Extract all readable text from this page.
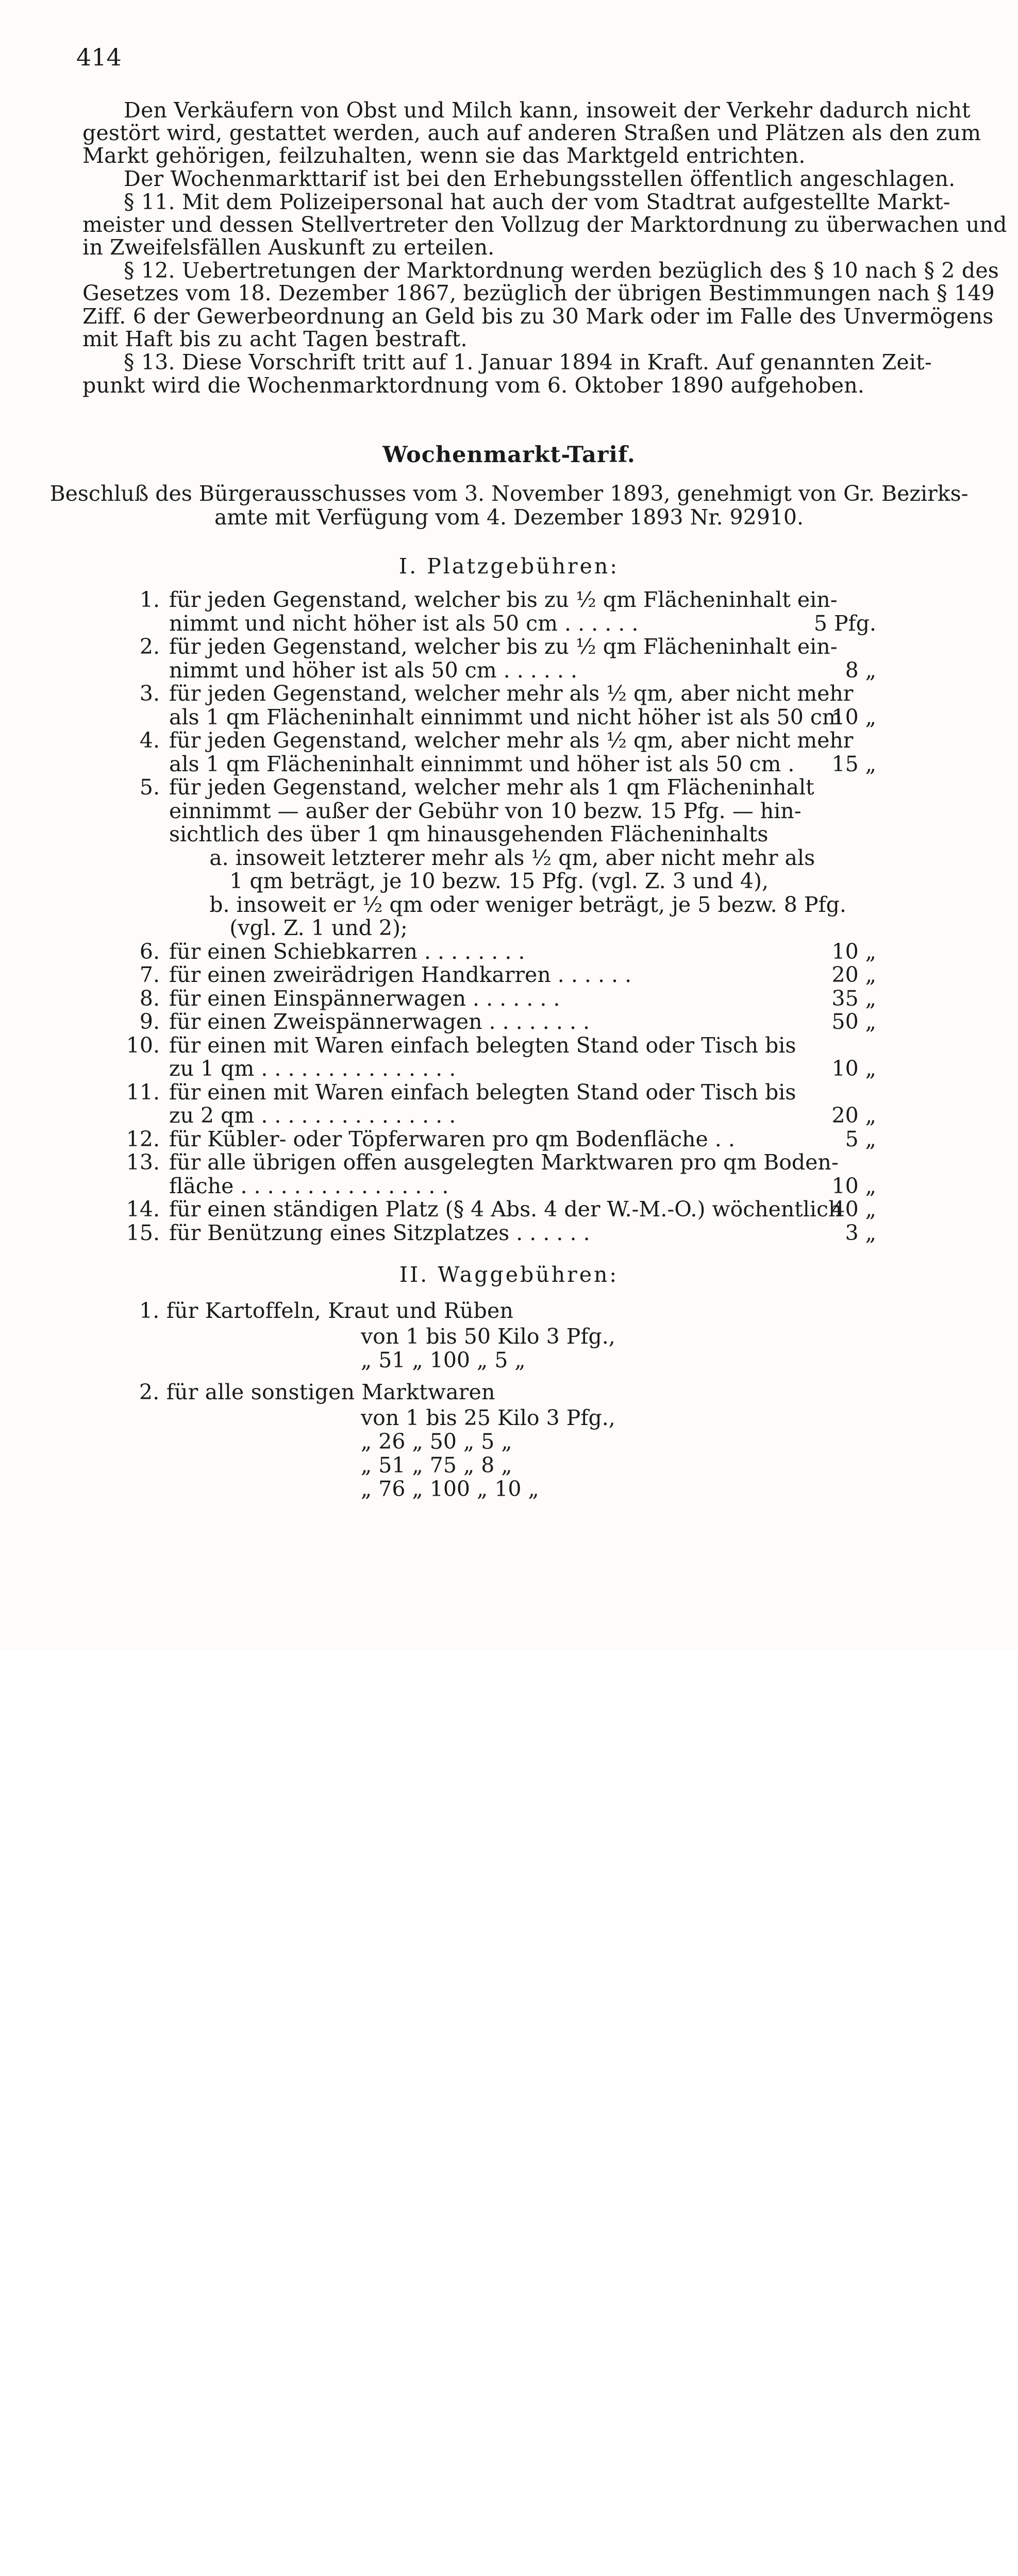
414
Den Verkäufern von Obst und Milch kann, insoweit der Verkehr dadurch nicht
gestört wird, gestattet werden, auch auf anderen Straßen und Plätzen als den zum
Markt gehörigen, feilzuhalten, wenn sie das Marktgeld entrichten.
Der Wochenmarkttarif ist bei den Erhebungsstellen öffentlich angeschlagen.
§ 11. Mit dem Polizeipersonal hat auch der vom Stadtrat aufgestellte Markt-
meister und dessen Stellvertreter den Vollzug der Marktordnung zu überwachen und
in Zweifelsfällen Auskunft zu erteilen.
§ 12. Uebertretungen der Marktordnung werden bezüglich des § 10 nach § 2 des
Gesetzes vom 18. Dezember 1867, bezüglich der übrigen Bestimmungen nach § 149
Ziff. 6 der Gewerbeordnung an Geld bis zu 30 Mark oder im Falle des Unvermögens
mit Haft bis zu acht Tagen bestraft.
§ 13. Diese Vorschrift tritt auf 1. Januar 1894 in Kraft. Auf genannten Zeit-
punkt wird die Wochenmarktordnung vom 6. Oktober 1890 aufgehoben.
Wochenmarkt-Tarif.
Beschluß des Bürgerausschusses vom 3. November 1893, genehmigt von Gr. Bezirks-
amte mit Verfügung vom 4. Dezember 1893 Nr. 92910.
I. Platzgebühren:
1. für jeden Gegenstand, welcher bis zu ½ qm Flächeninhalt ein-
nimmt und nicht höher ist als 50 cm . . . . . .	5 Pfg.
2. für jeden Gegenstand, welcher bis zu ½ qm Flächeninhalt ein-
nimmt und höher ist als 50 cm . . . . . .	8 „
3. für jeden Gegenstand, welcher mehr als ½ qm, aber nicht mehr
als 1 qm Flächeninhalt einnimmt und nicht höher ist als 50 cm
10 „
4. für jeden Gegenstand, welcher mehr als ½ qm, aber nicht mehr
als 1 qm Flächeninhalt einnimmt und höher ist als 50 cm . 15 „
5. für jeden Gegenstand, welcher mehr als 1 qm Flächeninhalt
einnimmt — außer der Gebühr von 10 bezw. 15 Pfg. — hin-
sichtlich des über 1 qm hinausgehenden Flächeninhalts
a. insoweit letzterer mehr als ½ qm, aber nicht mehr als
1 qm beträgt, je 10 bezw. 15 Pfg. (vgl. Z. 3 und 4),
b. insoweit er ½ qm oder weniger beträgt, je 5 bezw. 8 Pfg.
(vgl. Z. 1 und 2);
6. für einen Schiebkarren . . . . . . . .	10 „
7. für einen zweirädrigen Handkarren . . . . . .	20 „
8. für einen Einspännerwagen . . . . . . .	35 „
9. für einen Zweispännerwagen . . . . . . . .	50 „
10. für einen mit Waren einfach belegten Stand oder Tisch bis
zu 1 qm . . . . . . . . . . . . . . .	10 „
11. für einen mit Waren einfach belegten Stand oder Tisch bis
zu 2 qm . . . . . . . . . . . . . . .	20 „
12. für Kübler- oder Töpferwaren pro qm Bodenfläche . .	5 „
13. für alle übrigen offen ausgelegten Marktwaren pro qm Boden-
fläche . . . . . . . . . . . . . . . .	10 „
14. für einen ständigen Platz (§ 4 Abs. 4 der W.-M.-O.) wöchentlich
40 „
15. für Benützung eines Sitzplatzes . . . . . .	3 „
II. Waggebühren:
1. für Kartoffeln, Kraut und Rüben
von 1 bis 50 Kilo 3 Pfg.,
„ 51 „ 100 „ 5 „
2. für alle sonstigen Marktwaren
von 1 bis 25 Kilo 3 Pfg.,
„ 26 „ 50 „ 5 „
„ 51 „ 75 „ 8 „
„ 76 „ 100 „ 10 „
